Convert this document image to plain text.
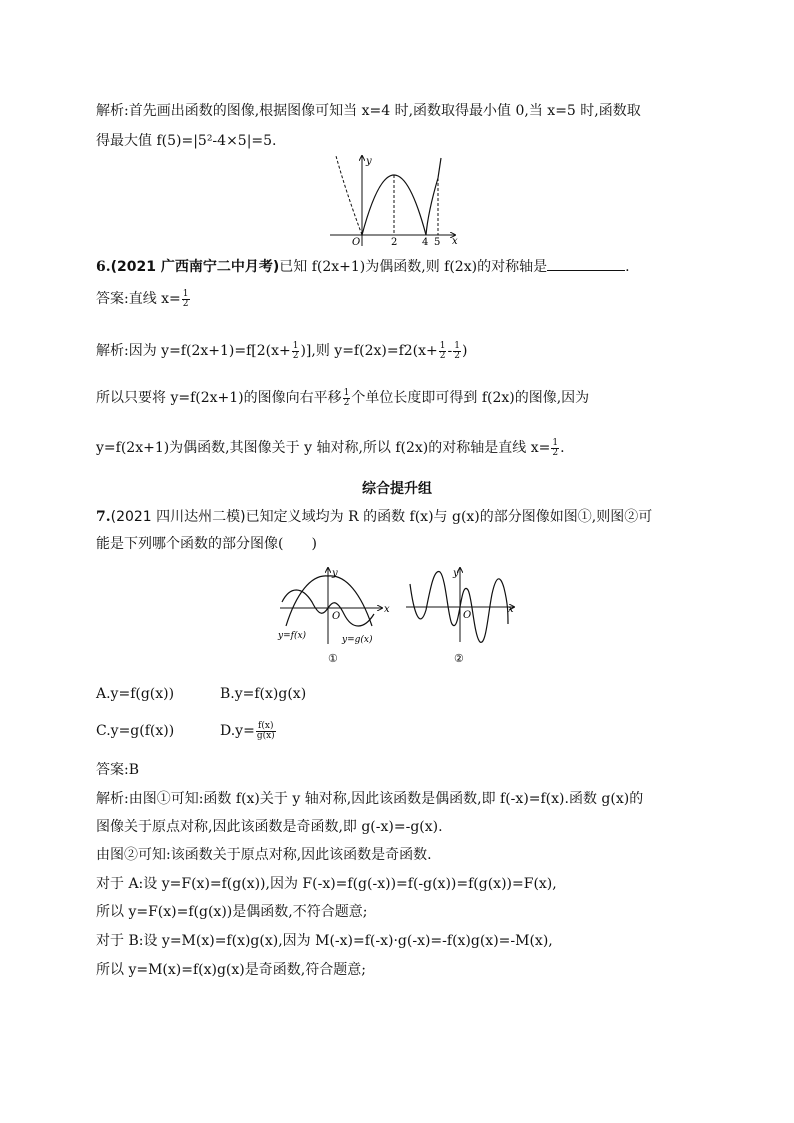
解析:首先画出函数的图像,根据图像可知当 x=4 时,函数取得最小值 0,当 x=5 时,函数取
得最大值 f(5)=|5²-4×5|=5.
y
x
O	2 4 5
6.(2021 广西南宁二中月考)已知 f(2x+1)为偶函数,则 f(2x)的对称轴是	.
答案:直线 $x= \frac{1}{2}$
解析:因为 $y=f(2x+1)=f[2(x+ \frac{1}{2}$ )],则 $y=f(2x)=f2(x+ \frac{1}{2} - \frac{1}{2}$ )
所以只要将 y=f(2x+1)的图像向右平移 $\frac{1}{2}$ 个单位长度即可得到 f(2x)的图像,因为
y=f(2x+1)为偶函数,其图像关于 y 轴对称,所以 f(2x)的对称轴是直线 $x= \frac{1}{2}$ .
综合提升组
7.(2021 四川达州二模)已知定义域均为 R 的函数 f(x)与 g(x)的部分图像如图①,则图②可
能是下列哪个函数的部分图像(　　)
y
x
O
y=f(x)	y=g(x)
①
y
x
O
②
A.y=f(g(x))	B.y=f(x)g(x)
C.y=g(f(x))	$D.y= \frac{f(x)}{g(x)}$
答案:B
解析:由图①可知:函数 f(x)关于 y 轴对称,因此该函数是偶函数,即 f(-x)=f(x).函数 g(x)的
图像关于原点对称,因此该函数是奇函数,即 g(-x)=-g(x).
由图②可知:该函数关于原点对称,因此该函数是奇函数.
对于 A:设 y=F(x)=f(g(x)),因为 F(-x)=f(g(-x))=f(-g(x))=f(g(x))=F(x),
所以 y=F(x)=f(g(x))是偶函数,不符合题意;
对于 B:设 y=M(x)=f(x)g(x),因为 M(-x)=f(-x)·g(-x)=-f(x)g(x)=-M(x),
所以 y=M(x)=f(x)g(x)是奇函数,符合题意;
